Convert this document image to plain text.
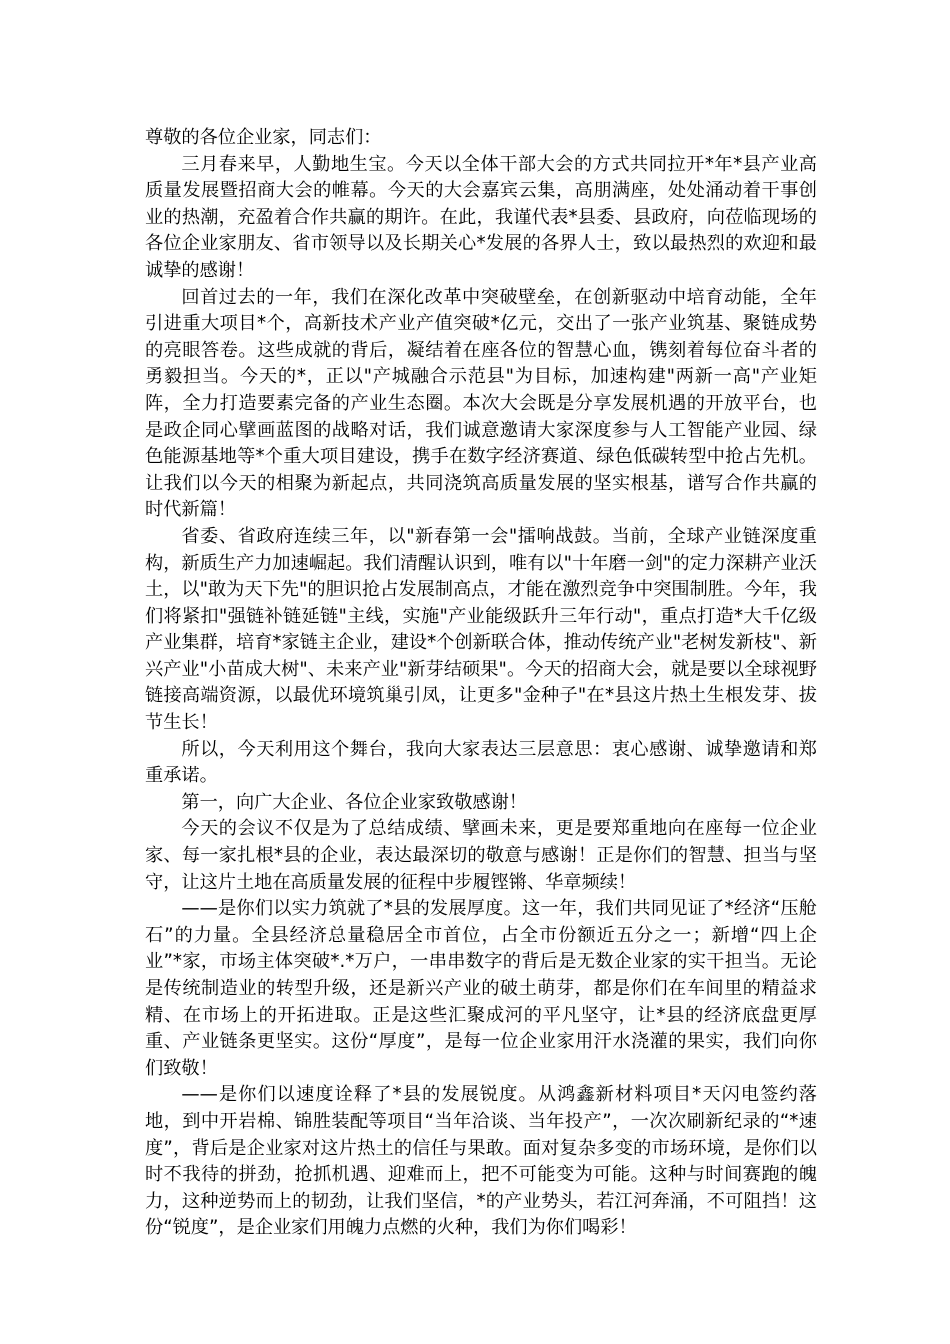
尊敬的各位企业家，同志们：

三月春来早，人勤地生宝。今天以全体干部大会的方式共同拉开*年*县产业高质量发展暨招商大会的帷幕。今天的大会嘉宾云集，高朋满座，处处涌动着干事创业的热潮，充盈着合作共赢的期许。在此，我谨代表*县委、县政府，向莅临现场的各位企业家朋友、省市领导以及长期关心*发展的各界人士，致以最热烈的欢迎和最诚挚的感谢！

回首过去的一年，我们在深化改革中突破壁垒，在创新驱动中培育动能，全年引进重大项目*个，高新技术产业产值突破*亿元，交出了一张产业筑基、聚链成势的亮眼答卷。这些成就的背后，凝结着在座各位的智慧心血，镌刻着每位奋斗者的勇毅担当。今天的*，正以"产城融合示范县"为目标，加速构建"两新一高"产业矩阵，全力打造要素完备的产业生态圈。本次大会既是分享发展机遇的开放平台，也是政企同心擘画蓝图的战略对话，我们诚意邀请大家深度参与人工智能产业园、绿色能源基地等*个重大项目建设，携手在数字经济赛道、绿色低碳转型中抢占先机。让我们以今天的相聚为新起点，共同浇筑高质量发展的坚实根基，谱写合作共赢的时代新篇！

省委、省政府连续三年，以"新春第一会"擂响战鼓。当前，全球产业链深度重构，新质生产力加速崛起。我们清醒认识到，唯有以"十年磨一剑"的定力深耕产业沃土，以"敢为天下先"的胆识抢占发展制高点，才能在激烈竞争中突围制胜。今年，我们将紧扣"强链补链延链"主线，实施"产业能级跃升三年行动"，重点打造*大千亿级产业集群，培育*家链主企业，建设*个创新联合体，推动传统产业"老树发新枝"、新兴产业"小苗成大树"、未来产业"新芽结硕果"。今天的招商大会，就是要以全球视野链接高端资源，以最优环境筑巢引凤，让更多"金种子"在*县这片热土生根发芽、拔节生长！

所以，今天利用这个舞台，我向大家表达三层意思：衷心感谢、诚挚邀请和郑重承诺。

第一，向广大企业、各位企业家致敬感谢！

今天的会议不仅是为了总结成绩、擘画未来，更是要郑重地向在座每一位企业家、每一家扎根*县的企业，表达最深切的敬意与感谢！正是你们的智慧、担当与坚守，让这片土地在高质量发展的征程中步履铿锵、华章频续！

——是你们以实力筑就了*县的发展厚度。这一年，我们共同见证了*经济“压舱石”的力量。全县经济总量稳居全市首位，占全市份额近五分之一；新增“四上企业”*家，市场主体突破*.*万户，一串串数字的背后是无数企业家的实干担当。无论是传统制造业的转型升级，还是新兴产业的破土萌芽，都是你们在车间里的精益求精、在市场上的开拓进取。正是这些汇聚成河的平凡坚守，让*县的经济底盘更厚重、产业链条更坚实。这份“厚度”，是每一位企业家用汗水浇灌的果实，我们向你们致敬！

——是你们以速度诠释了*县的发展锐度。从鸿鑫新材料项目*天闪电签约落地，到中开岩棉、锦胜装配等项目“当年洽谈、当年投产”，一次次刷新纪录的“*速度”，背后是企业家对这片热土的信任与果敢。面对复杂多变的市场环境，是你们以时不我待的拼劲，抢抓机遇、迎难而上，把不可能变为可能。这种与时间赛跑的魄力，这种逆势而上的韧劲，让我们坚信，*的产业势头，若江河奔涌，不可阻挡！这份“锐度”，是企业家们用魄力点燃的火种，我们为你们喝彩！
